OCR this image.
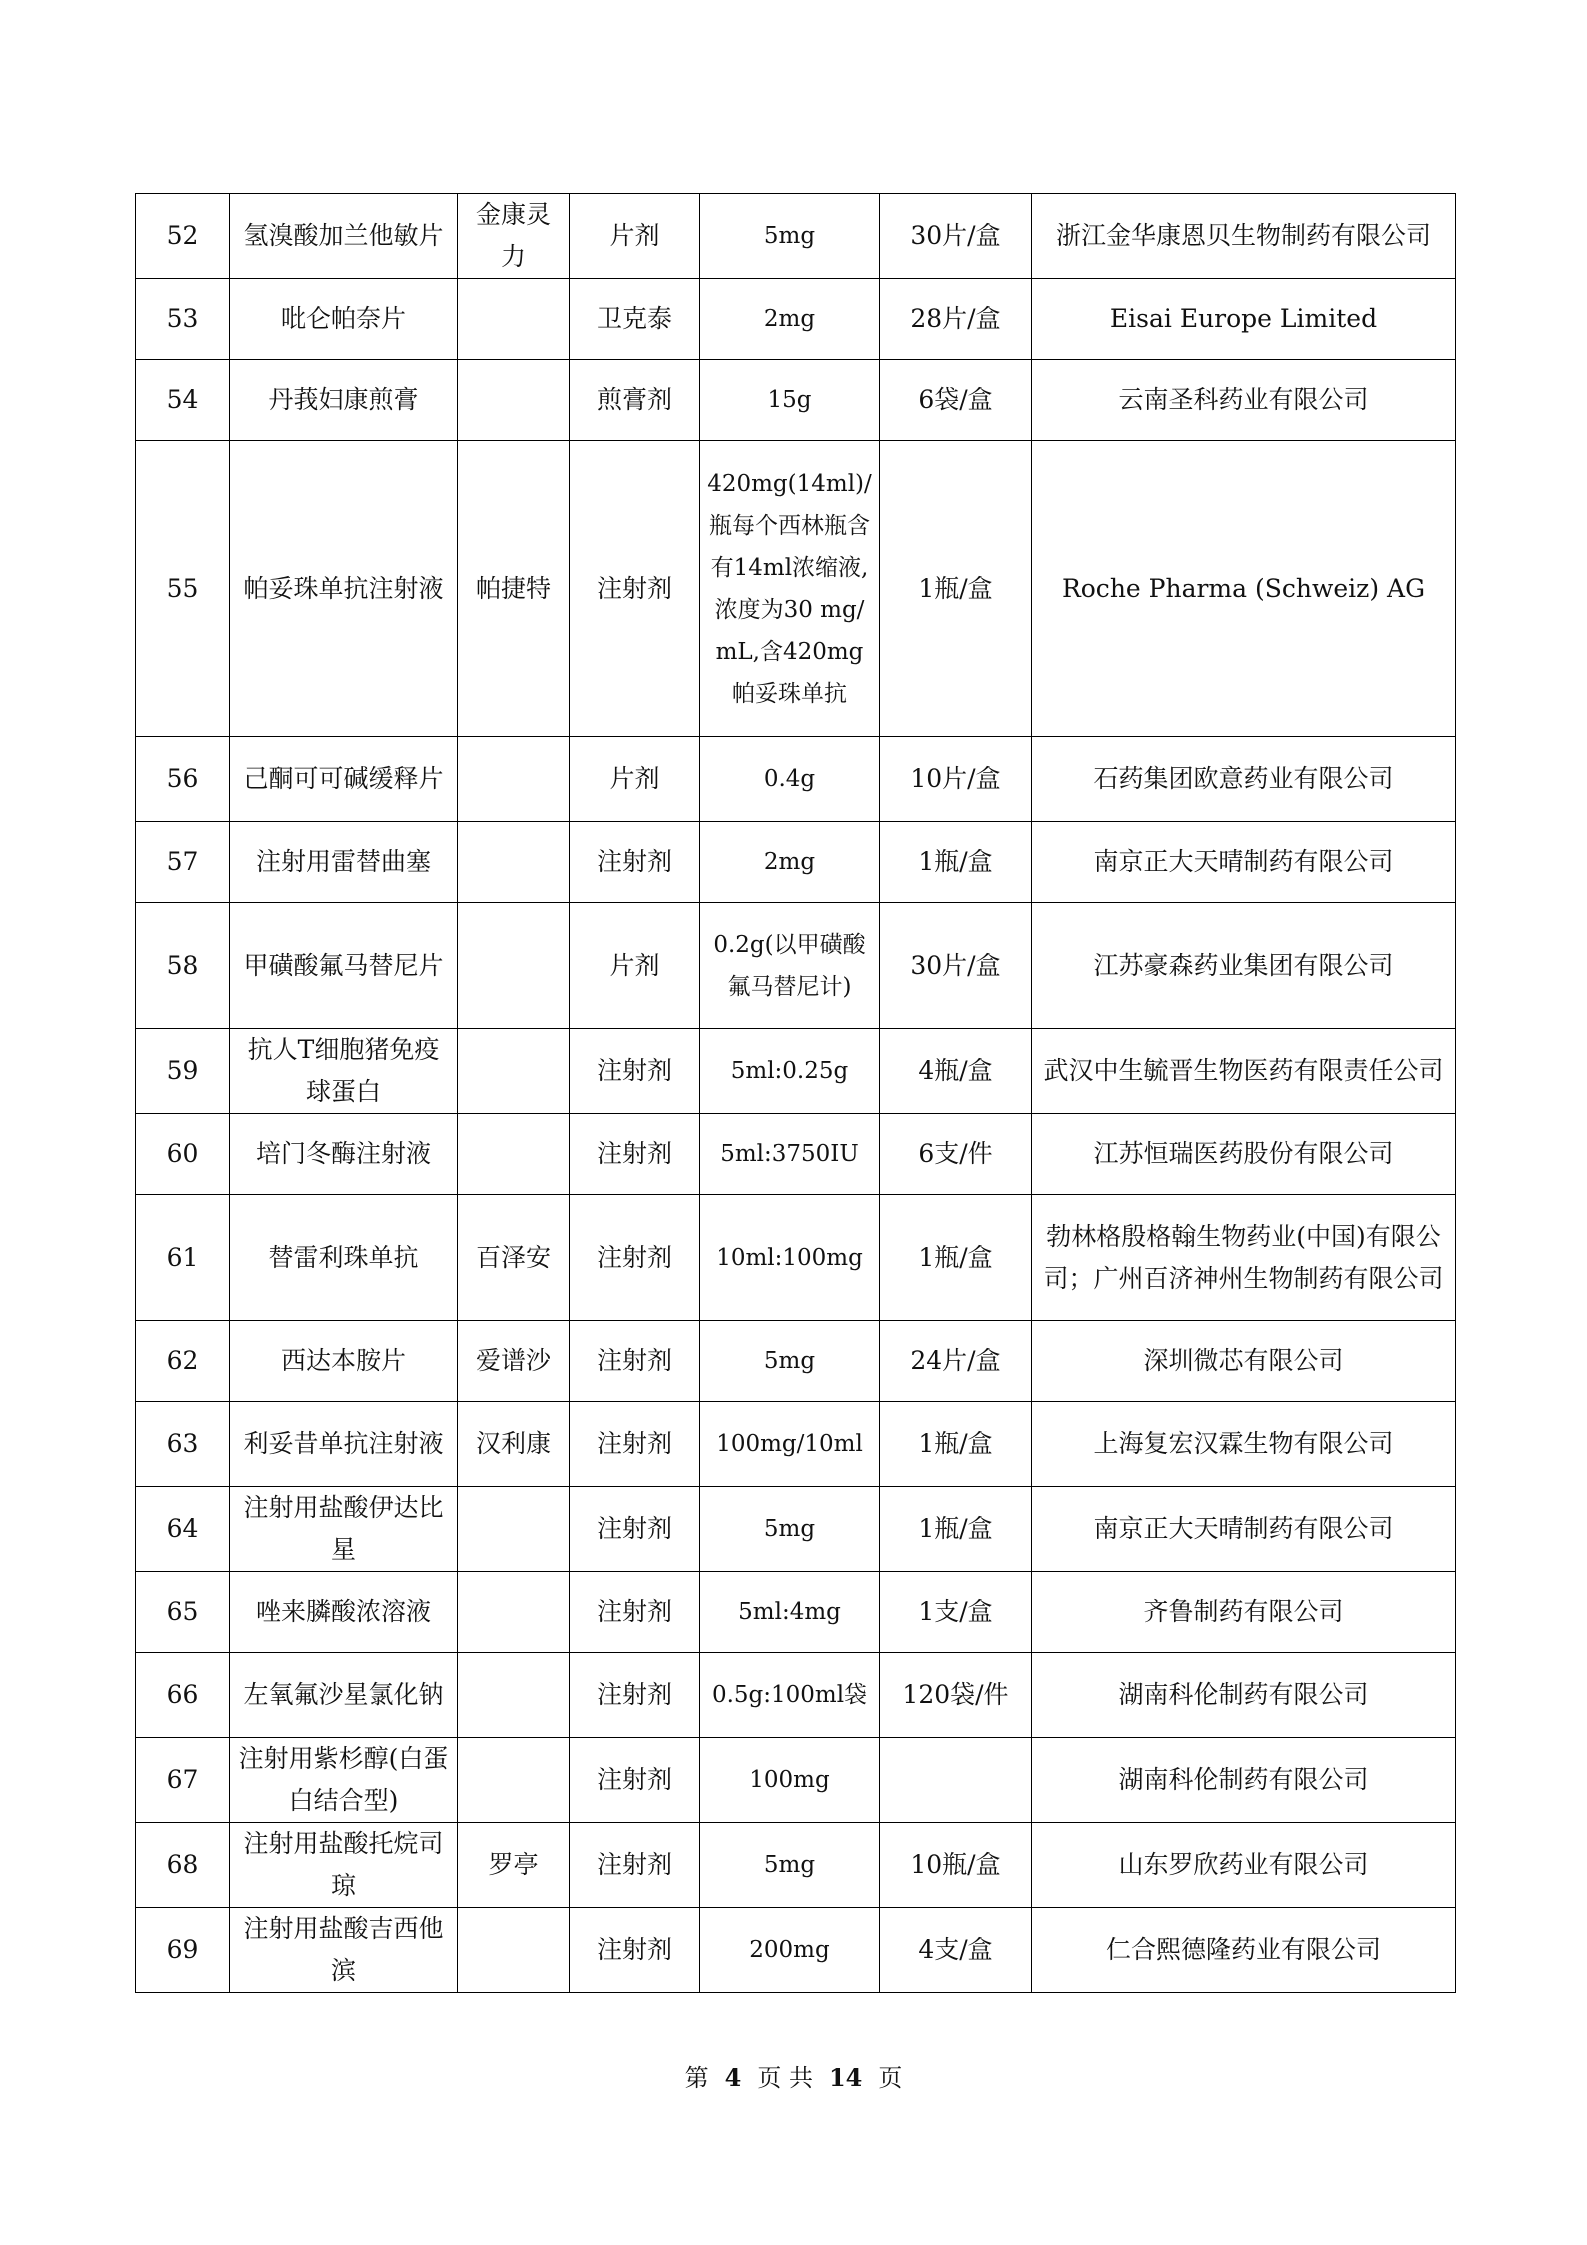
52	氢溴酸加兰他敏片	金康灵力	片剂	5mg	30片/盒	浙江金华康恩贝生物制药有限公司
53	吡仑帕奈片		卫克泰	2mg	28片/盒	Eisai Europe Limited
54	丹莪妇康煎膏		煎膏剂	15g	6袋/盒	云南圣科药业有限公司
55	帕妥珠单抗注射液	帕捷特	注射剂	420mg(14ml)/瓶每个西林瓶含有14ml浓缩液,浓度为30 mg/mL,含420mg帕妥珠单抗	1瓶/盒	Roche Pharma (Schweiz) AG
56	己酮可可碱缓释片		片剂	0.4g	10片/盒	石药集团欧意药业有限公司
57	注射用雷替曲塞		注射剂	2mg	1瓶/盒	南京正大天晴制药有限公司
58	甲磺酸氟马替尼片		片剂	0.2g(以甲磺酸氟马替尼计)	30片/盒	江苏豪森药业集团有限公司
59	抗人T细胞猪免疫球蛋白		注射剂	5ml:0.25g	4瓶/盒	武汉中生毓晋生物医药有限责任公司
60	培门冬酶注射液		注射剂	5ml:3750IU	6支/件	江苏恒瑞医药股份有限公司
61	替雷利珠单抗	百泽安	注射剂	10ml:100mg	1瓶/盒	勃林格殷格翰生物药业(中国)有限公司；广州百济神州生物制药有限公司
62	西达本胺片	爱谱沙	注射剂	5mg	24片/盒	深圳微芯有限公司
63	利妥昔单抗注射液	汉利康	注射剂	100mg/10ml	1瓶/盒	上海复宏汉霖生物有限公司
64	注射用盐酸伊达比星		注射剂	5mg	1瓶/盒	南京正大天晴制药有限公司
65	唑来膦酸浓溶液		注射剂	5ml:4mg	1支/盒	齐鲁制药有限公司
66	左氧氟沙星氯化钠		注射剂	0.5g:100ml袋	120袋/件	湖南科伦制药有限公司
67	注射用紫杉醇(白蛋白结合型)		注射剂	100mg		湖南科伦制药有限公司
68	注射用盐酸托烷司琼	罗亭	注射剂	5mg	10瓶/盒	山东罗欣药业有限公司
69	注射用盐酸吉西他滨		注射剂	200mg	4支/盒	仁合熙德隆药业有限公司
第 4 页 共 14 页
